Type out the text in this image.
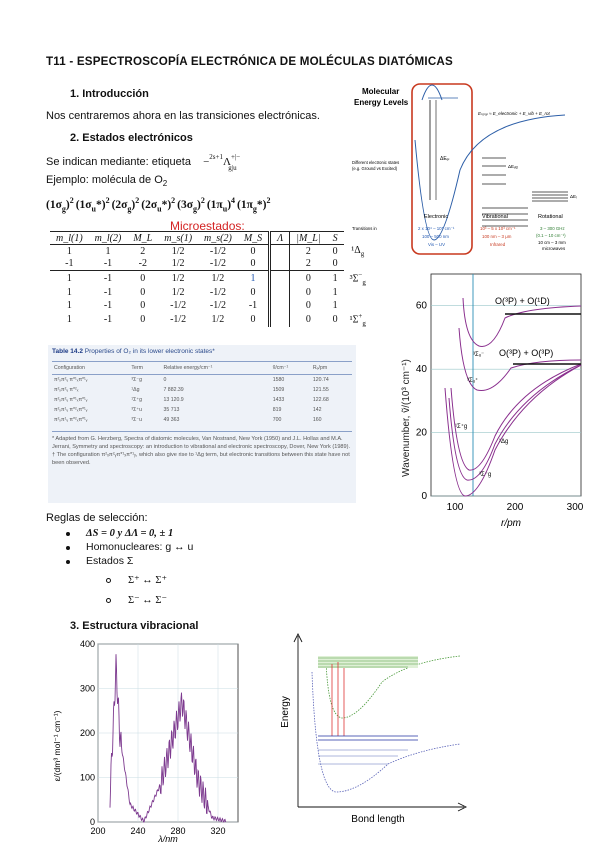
T11 - ESPECTROSCOPÍA ELECTRÓNICA DE MOLÉCULAS DIATÓMICAS
1. Introducción
Nos centraremos ahora en las transiciones electrónicas.
2. Estados electrónicos
Se indican mediante: etiqueta −$^{2s+1}$Λ+|−g|u
Ejemplo: molécula de $O_2$
$(1\sigma_g)^2$ $(1\sigma_u*)^2$ $(2\sigma_g)^2$ $(2\sigma_u*)^2$ $(3\sigma_g)^2$ $(1\pi_u)^4$ $(1\pi_g*)^2$
Microestados:
m_l(1)	m_l(2)	M_L	m_s(1)	m_s(2)	M_S	Λ	|M_L|	S	
1	1	2	1/2	-1/2	0		2	0	$^1\Delta_g$
-1	-1	-2	1/2	-1/2	0		2	0	
1	-1	0	1/2	1/2	1		0	1	$^3\Sigma^-_g$
1	-1	0	1/2	-1/2	0		0	1	
1	-1	0	-1/2	-1/2	-1		0	1	
1	-1	0	-1/2	1/2	0		0	0	$^1\Sigma^+_g$
Table 14.2 Properties of O₂ in its lower electronic states*
Configuration	Term	Relative energy/cm⁻¹	ṽ/cm⁻¹	Rₑ/pm
π²ₓπ²ᵧ π*¹ₓπ*¹ᵧ	³Σ⁻g	0	1580	120.74
π²ₓπ²ᵧ π*²ₓ	¹Δg	7 882.39	1509	121.55
π²ₓπ²ᵧ π*¹ₓπ*¹ᵧ	¹Σ⁺g	13 120.9	1433	122.68
π²ₓπ¹ᵧ π*²ₓπ*¹ᵧ	³Σ⁺u	35 713	819	142
π²ₓπ¹ᵧ π*²ₓπ*¹ᵧ	³Σ⁻u	49 363	700	160
* Adapted from G. Herzberg, Spectra of diatomic molecules, Van Nostrand, New York (1950) and J.L. Hollas and M.A. Jerrani, Symmetry and spectroscopy: an introduction to vibrational and electronic spectroscopy, Dover, New York (1989).
† The configuration π²ₓπ²ᵧπ*¹ₓπ*¹ᵧ, which also give rise to ¹Δg term, but electronic transitions between this state have not been observed.
Reglas de selección:
ΔS = 0 y ΔΛ = 0, ± 1
Homonucleares: g ↔ u
Estados Σ
Σ⁺ ↔ Σ⁺
Σ⁻ ↔ Σ⁻
3. Estructura vibracional
Molecular
Energy Levels
Eₜₒₜₐₗ ≈ E_electronic + E_vib + E_rot
ΔEₑₗ
ΔEᵥᵢᵦ
ΔEᵣ
Different electronic states
(e.g. Ground vs Excited)
Electronic	Vibrational	Rotational
Transitions in	2 x 10⁴ – 10⁵ cm⁻¹
100 – 500 nm
Vis – UV
10³ – 5 x 10³ cm⁻¹
100 nm – 3 μm
Infrared
3 – 300 GHz
(0.1 – 10 cm⁻¹)
10 cm – 3 mm
microwaves
Wavenumber, ṽ/(10³ cm⁻¹)
r/pm
0
20
40
60
100	200	300
O(³P) + O(¹D)
O(³P) + O(³P)
³Σᵤ⁻
³Σᵤ⁺
¹Σ⁺g
¹Δg
³Σ⁻g
ε/(dm³ mol⁻¹ cm⁻¹)
λ/nm
0
100
200
300
400
200	240	280	320
Energy
Bond length
